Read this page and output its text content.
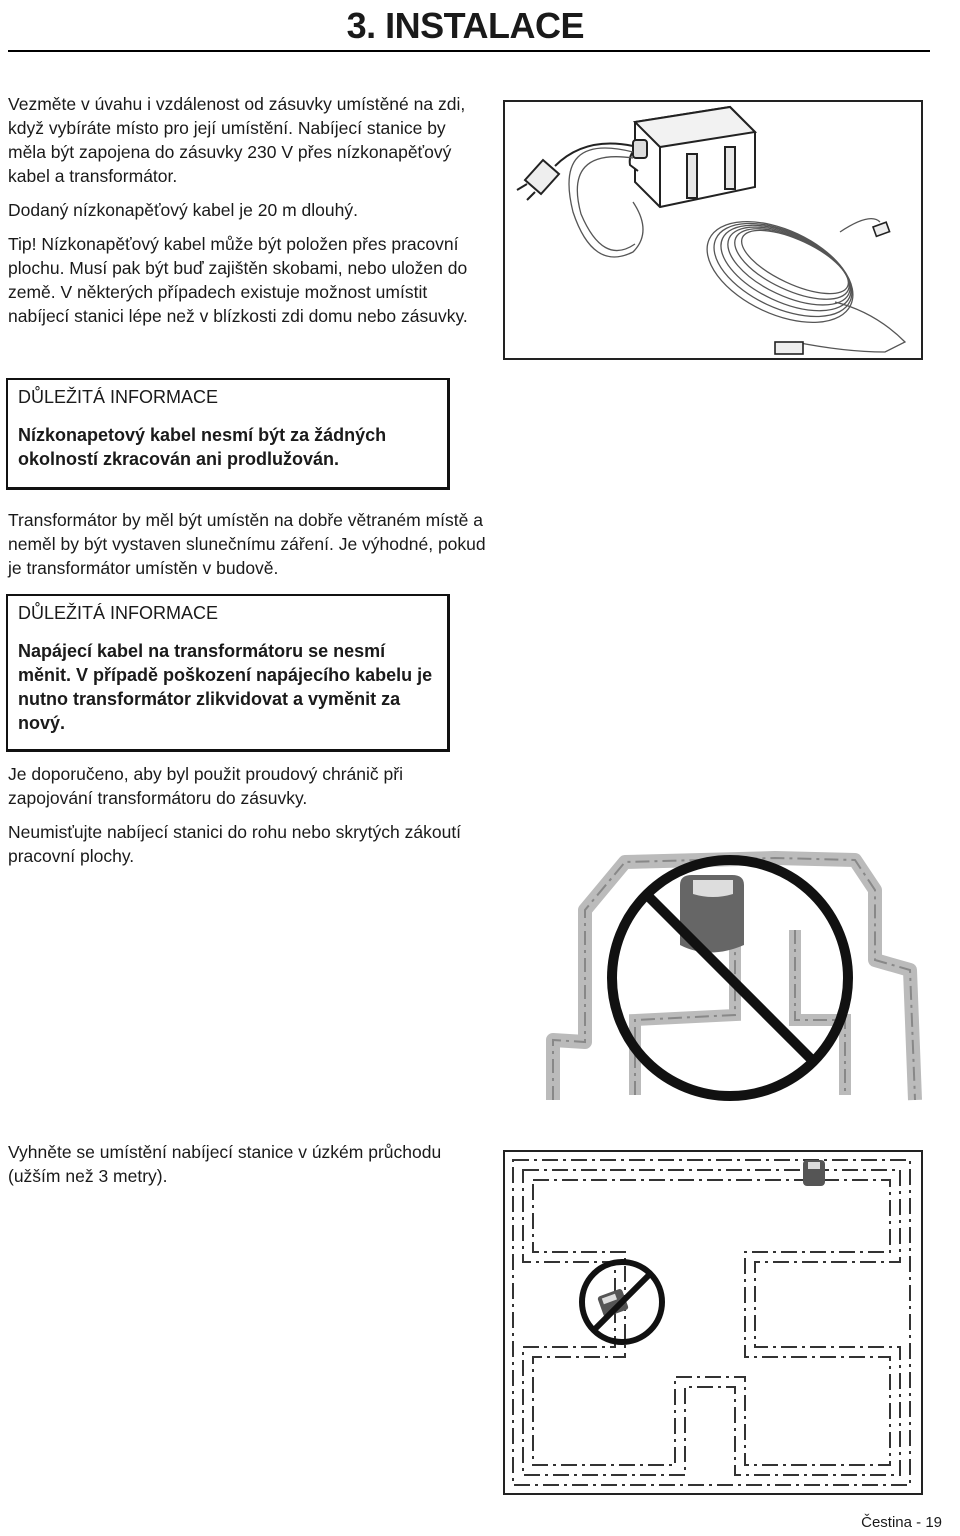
3. INSTALACE

Vezměte v úvahu i vzdálenost od zásuvky umístěné na zdi, když vybíráte místo pro její umístění. Nabíjecí stanice by měla být zapojena do zásuvky 230 V přes nízkonapěťový kabel a transformátor.

Dodaný nízkonapěťový kabel je 20 m dlouhý.

Tip! Nízkonapěťový kabel může být položen přes pracovní plochu. Musí pak být buď zajištěn skobami, nebo uložen do země. V některých případech existuje možnost umístit nabíjecí stanici lépe než v blízkosti zdi domu nebo zásuvky.

DŮLEŽITÁ INFORMACE
Nízkonapetový kabel nesmí být za žádných okolností zkracován ani prodlužován.

Transformátor by měl být umístěn na dobře větraném místě a neměl by být vystaven slunečnímu záření. Je výhodné, pokud je transformátor umístěn v budově.

DŮLEŽITÁ INFORMACE
Napájecí kabel na transformátoru se nesmí měnit. V případě poškození napájecího kabelu je nutno transformátor zlikvidovat a vyměnit za nový.

Je doporučeno, aby byl použit proudový chránič při zapojování transformátoru do zásuvky.

Neumisťujte nabíjecí stanici do rohu nebo skrytých zákoutí pracovní plochy.

Vyhněte se umístění nabíjecí stanice v úzkém průchodu (užším než 3 metry).

Čestina - 19
